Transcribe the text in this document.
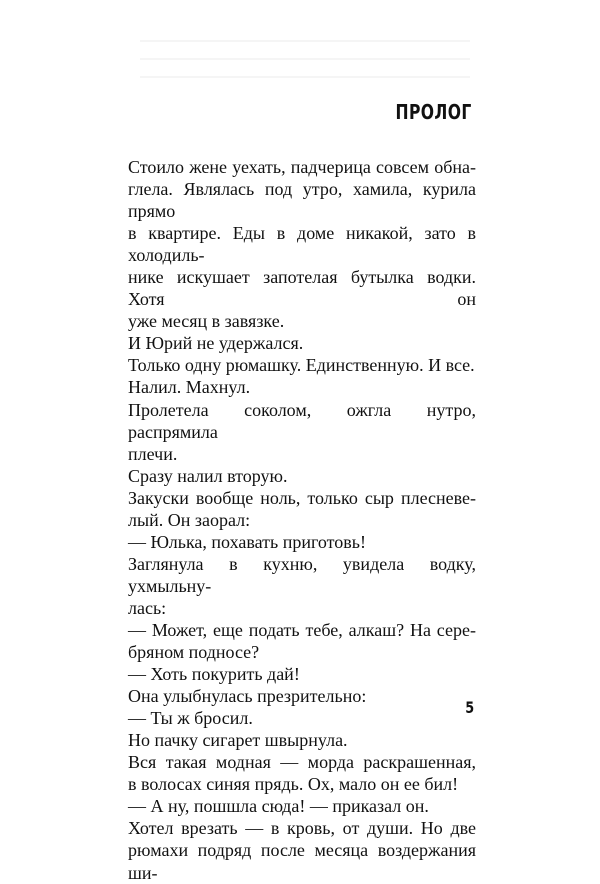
ПРОЛОГ
Стоило жене уехать, падчерица совсем обна-
глела. Являлась под утро, хамила, курила прямо
в квартире. Еды в доме никакой, зато в холодиль-
нике искушает запотелая бутылка водки. Хотя он
уже месяц в завязке.
И Юрий не удержался.
Только одну рюмашку. Единственную. И все.
Налил. Махнул.
Пролетела соколом, ожгла нутро, распрямила
плечи.
Сразу налил вторую.
Закуски вообще ноль, только сыр плесневе-
лый. Он заорал:
— Юлька, похавать приготовь!
Заглянула в кухню, увидела водку, ухмыльну-
лась:
— Может, еще подать тебе, алкаш? На сере-
бряном подносе?
— Хоть покурить дай!
Она улыбнулась презрительно:
— Ты ж бросил.
Но пачку сигарет швырнула.
Вся такая модная — морда раскрашенная,
в волосах синяя прядь. Ох, мало он ее бил!
— А ну, пошшла сюда! — приказал он.
Хотел врезать — в кровь, от души. Но две
рюмахи подряд после месяца воздержания ши-
5
